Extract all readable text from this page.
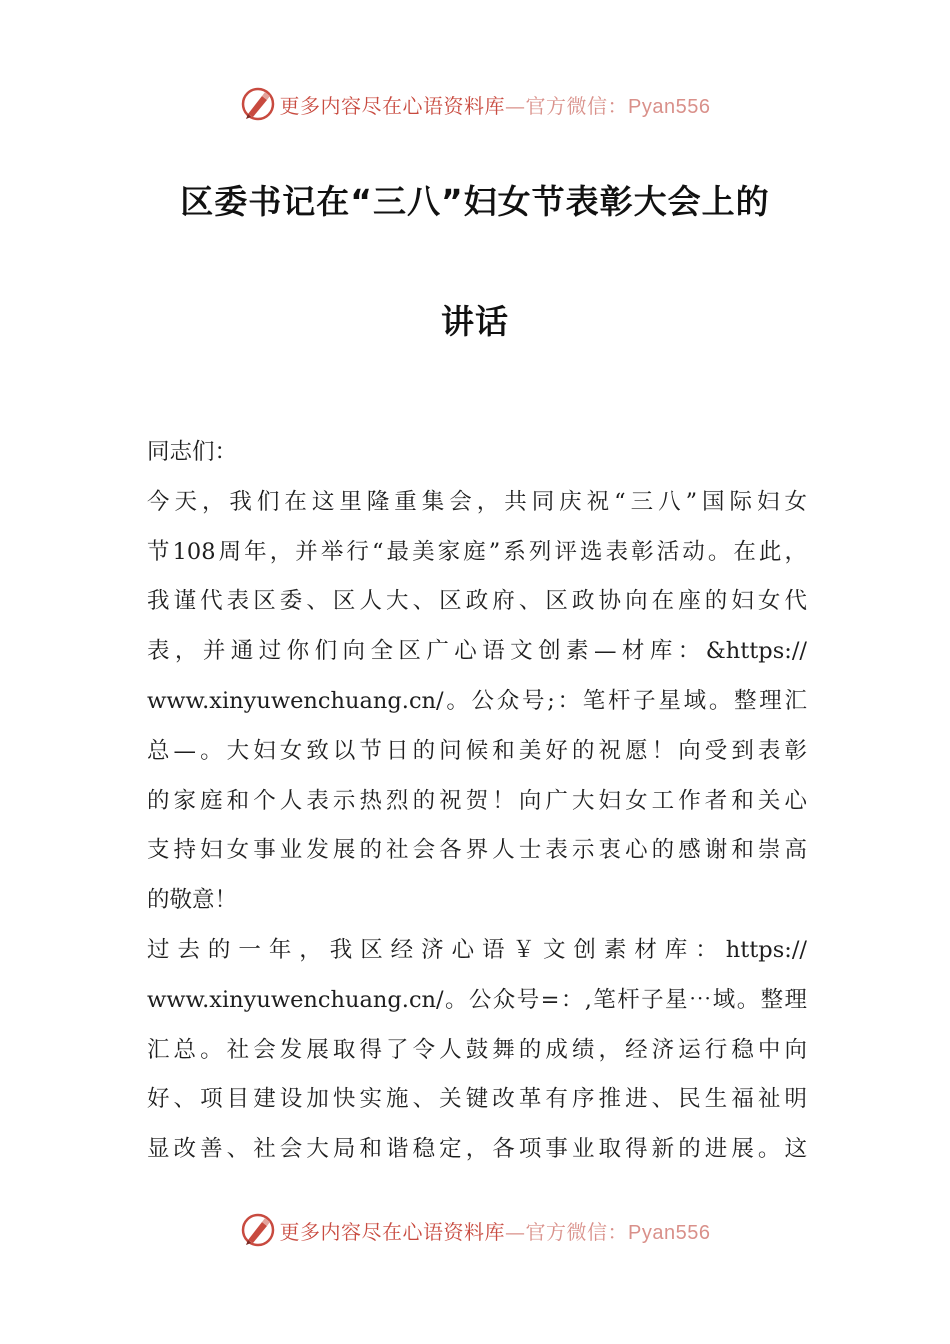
更多内容尽在心语资料库—官方微信：Pyan556
区委书记在“三八”妇女节表彰大会上的
讲话
同志们：
今天，我们在这里隆重集会，共同庆祝“三八”国际妇女
节108周年，并举行“最美家庭”系列评选表彰活动。在此，
我谨代表区委、区人大、区政府、区政协向在座的妇女代
表，并通过你们向全区广心语文创素—材库：&https://
www.xinyuwenchuang.cn/。公众号;：笔杆子星域。整理汇
总—。大妇女致以节日的问候和美好的祝愿！向受到表彰
的家庭和个人表示热烈的祝贺！向广大妇女工作者和关心
支持妇女事业发展的社会各界人士表示衷心的感谢和崇高
的敬意！
过去的一年，我区经济心语￥文创素材库：https://
www.xinyuwenchuang.cn/。公众号=：,笔杆子星⋯域。整理
汇总。社会发展取得了令人鼓舞的成绩，经济运行稳中向
好、项目建设加快实施、关键改革有序推进、民生福祉明
显改善、社会大局和谐稳定，各项事业取得新的进展。这
更多内容尽在心语资料库—官方微信：Pyan556
